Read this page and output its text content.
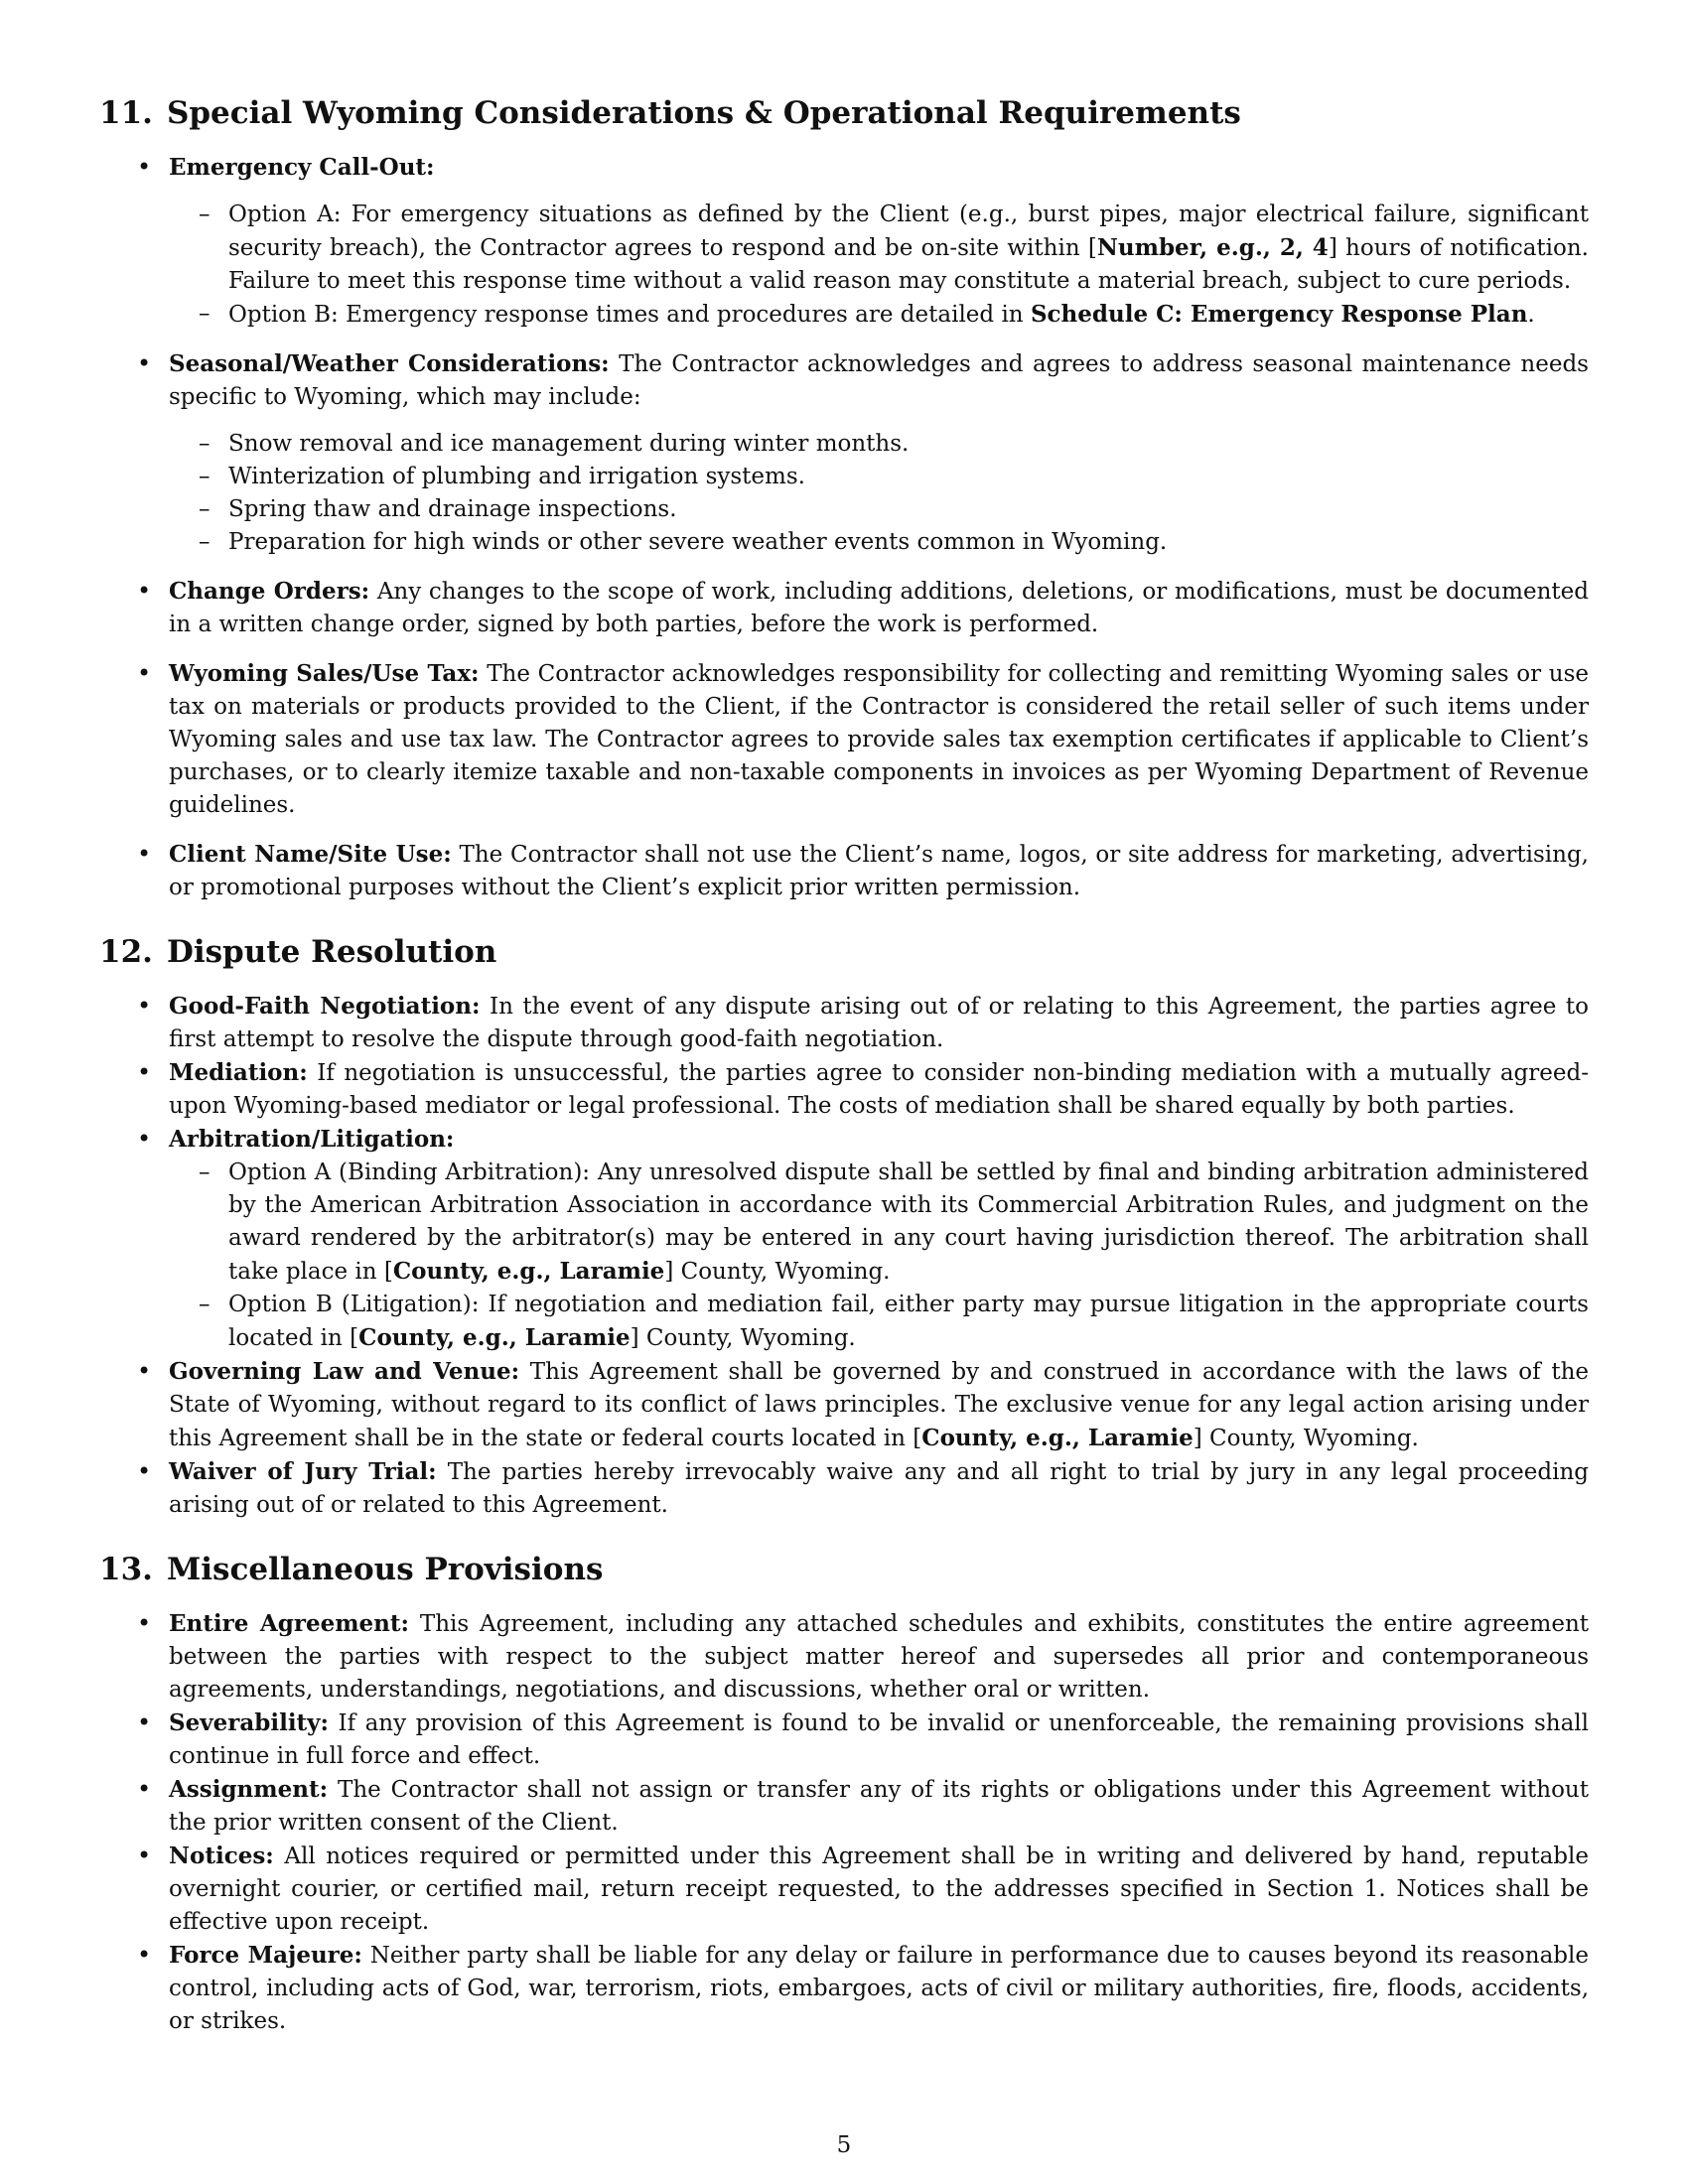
11. Special Wyoming Considerations & Operational Requirements
• Emergency Call-Out:
– Option A: For emergency situations as defined by the Client (e.g., burst pipes, major electrical failure, significant security breach), the Contractor agrees to respond and be on-site within [Number, e.g., 2, 4] hours of notification. Failure to meet this response time without a valid reason may constitute a material breach, subject to cure periods.
– Option B: Emergency response times and procedures are detailed in Schedule C: Emergency Response Plan.
• Seasonal/Weather Considerations: The Contractor acknowledges and agrees to address seasonal maintenance needs specific to Wyoming, which may include:
– Snow removal and ice management during winter months.
– Winterization of plumbing and irrigation systems.
– Spring thaw and drainage inspections.
– Preparation for high winds or other severe weather events common in Wyoming.
• Change Orders: Any changes to the scope of work, including additions, deletions, or modifications, must be documented in a written change order, signed by both parties, before the work is performed.
• Wyoming Sales/Use Tax: The Contractor acknowledges responsibility for collecting and remitting Wyoming sales or use tax on materials or products provided to the Client, if the Contractor is considered the retail seller of such items under Wyoming sales and use tax law. The Contractor agrees to provide sales tax exemption certificates if applicable to Client’s purchases, or to clearly itemize taxable and non-taxable components in invoices as per Wyoming Department of Revenue guidelines.
• Client Name/Site Use: The Contractor shall not use the Client’s name, logos, or site address for marketing, advertising, or promotional purposes without the Client’s explicit prior written permission.
12. Dispute Resolution
• Good-Faith Negotiation: In the event of any dispute arising out of or relating to this Agreement, the parties agree to first attempt to resolve the dispute through good-faith negotiation.
• Mediation: If negotiation is unsuccessful, the parties agree to consider non-binding mediation with a mutually agreed-upon Wyoming-based mediator or legal professional. The costs of mediation shall be shared equally by both parties.
• Arbitration/Litigation:
– Option A (Binding Arbitration): Any unresolved dispute shall be settled by final and binding arbitration administered by the American Arbitration Association in accordance with its Commercial Arbitration Rules, and judgment on the award rendered by the arbitrator(s) may be entered in any court having jurisdiction thereof. The arbitration shall take place in [County, e.g., Laramie] County, Wyoming.
– Option B (Litigation): If negotiation and mediation fail, either party may pursue litigation in the appropriate courts located in [County, e.g., Laramie] County, Wyoming.
• Governing Law and Venue: This Agreement shall be governed by and construed in accordance with the laws of the State of Wyoming, without regard to its conflict of laws principles. The exclusive venue for any legal action arising under this Agreement shall be in the state or federal courts located in [County, e.g., Laramie] County, Wyoming.
• Waiver of Jury Trial: The parties hereby irrevocably waive any and all right to trial by jury in any legal proceeding arising out of or related to this Agreement.
13. Miscellaneous Provisions
• Entire Agreement: This Agreement, including any attached schedules and exhibits, constitutes the entire agreement between the parties with respect to the subject matter hereof and supersedes all prior and contemporaneous agreements, understandings, negotiations, and discussions, whether oral or written.
• Severability: If any provision of this Agreement is found to be invalid or unenforceable, the remaining provisions shall continue in full force and effect.
• Assignment: The Contractor shall not assign or transfer any of its rights or obligations under this Agreement without the prior written consent of the Client.
• Notices: All notices required or permitted under this Agreement shall be in writing and delivered by hand, reputable overnight courier, or certified mail, return receipt requested, to the addresses specified in Section 1. Notices shall be effective upon receipt.
• Force Majeure: Neither party shall be liable for any delay or failure in performance due to causes beyond its reasonable control, including acts of God, war, terrorism, riots, embargoes, acts of civil or military authorities, fire, floods, accidents, or strikes.
5
